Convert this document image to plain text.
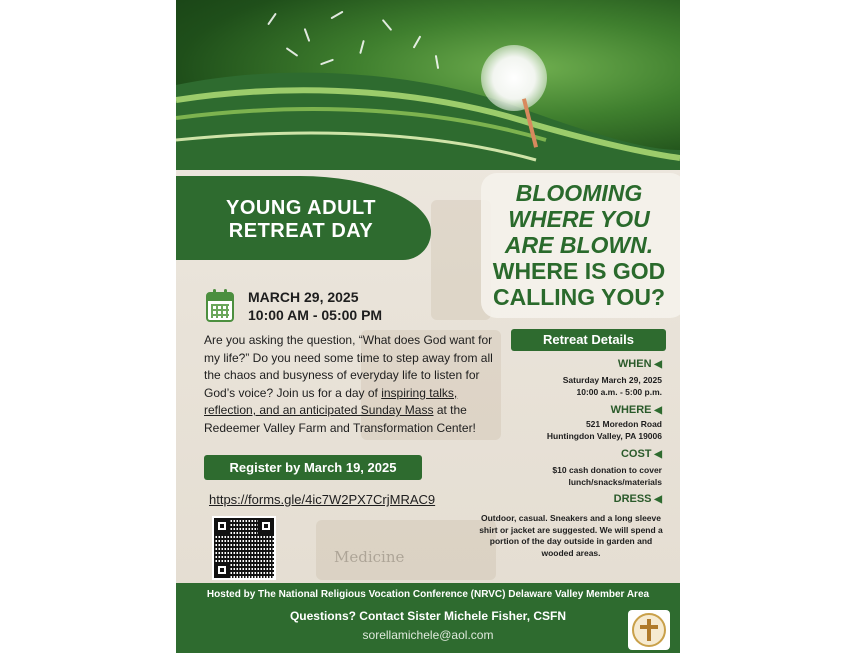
Medicine
YOUNG ADULT
RETREAT DAY
BLOOMING
WHERE YOU
ARE BLOWN.
WHERE IS GOD
CALLING YOU?
MARCH 29, 2025
10:00 AM - 05:00 PM
Are you asking the question, “What does God want for my life?” Do you need some time to step away from all the chaos and busyness of everyday life to listen for God’s voice? Join us for a day of inspiring talks, reflection, and an anticipated Sunday Mass at the Redeemer Valley Farm and Transformation Center!
Register by March 19, 2025
https://forms.gle/4ic7W2PX7CrjMRAC9
Retreat Details
WHEN ◀
Saturday March 29, 2025
10:00 a.m. - 5:00 p.m.
WHERE ◀
521 Moredon Road
Huntingdon Valley, PA 19006
COST ◀
$10 cash donation to cover
lunch/snacks/materials
DRESS ◀
Outdoor, casual. Sneakers and a long sleeve shirt or jacket are suggested. We will spend a portion of the day outside in garden and wooded areas.
Hosted by The National Religious Vocation Conference (NRVC) Delaware Valley Member Area
Questions? Contact Sister Michele Fisher, CSFN
sorellamichele@aol.com
